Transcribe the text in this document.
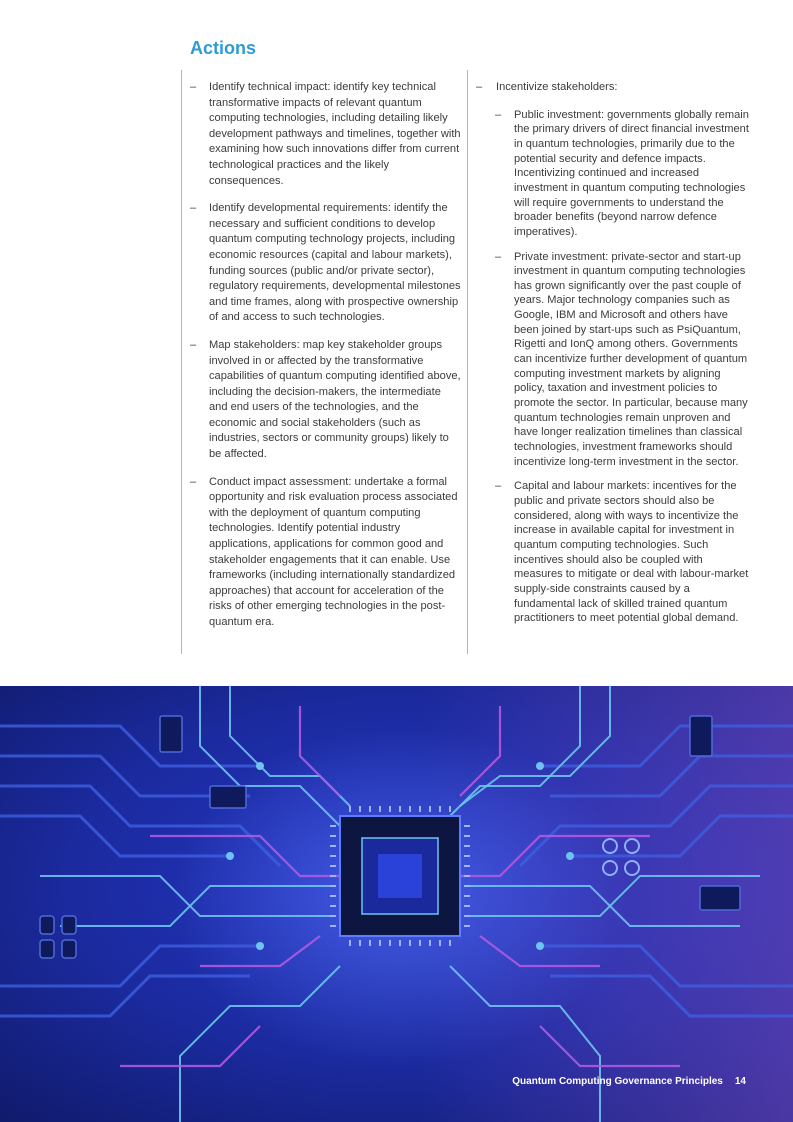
Actions
– Identify technical impact: identify key technical transformative impacts of relevant quantum computing technologies, including detailing likely development pathways and timelines, together with examining how such innovations differ from current technological practices and the likely consequences.
– Identify developmental requirements: identify the necessary and sufficient conditions to develop quantum computing technology projects, including economic resources (capital and labour markets), funding sources (public and/or private sector), regulatory requirements, developmental milestones and time frames, along with prospective ownership of and access to such technologies.
– Map stakeholders: map key stakeholder groups involved in or affected by the transformative capabilities of quantum computing identified above, including the decision-makers, the intermediate and end users of the technologies, and the economic and social stakeholders (such as industries, sectors or community groups) likely to be affected.
– Conduct impact assessment: undertake a formal opportunity and risk evaluation process associated with the deployment of quantum computing technologies. Identify potential industry applications, applications for common good and stakeholder engagements that it can enable. Use frameworks (including internationally standardized approaches) that account for acceleration of the risks of other emerging technologies in the post-quantum era.
– Incentivize stakeholders:
– Public investment: governments globally remain the primary drivers of direct financial investment in quantum technologies, primarily due to the potential security and defence impacts. Incentivizing continued and increased investment in quantum computing technologies will require governments to understand the broader benefits (beyond narrow defence imperatives).
– Private investment: private-sector and start-up investment in quantum computing technologies has grown significantly over the past couple of years. Major technology companies such as Google, IBM and Microsoft and others have been joined by start-ups such as PsiQuantum, Rigetti and IonQ among others. Governments can incentivize further development of quantum computing investment markets by aligning policy, taxation and investment policies to promote the sector. In particular, because many quantum technologies remain unproven and have longer realization timelines than classical technologies, investment frameworks should incentivize long-term investment in the sector.
– Capital and labour markets: incentives for the public and private sectors should also be considered, along with ways to incentivize the increase in available capital for investment in quantum computing technologies. Such incentives should also be coupled with measures to mitigate or deal with labour-market supply-side constraints caused by a fundamental lack of skilled trained quantum practitioners to meet potential global demand.
Quantum Computing Governance Principles 14
